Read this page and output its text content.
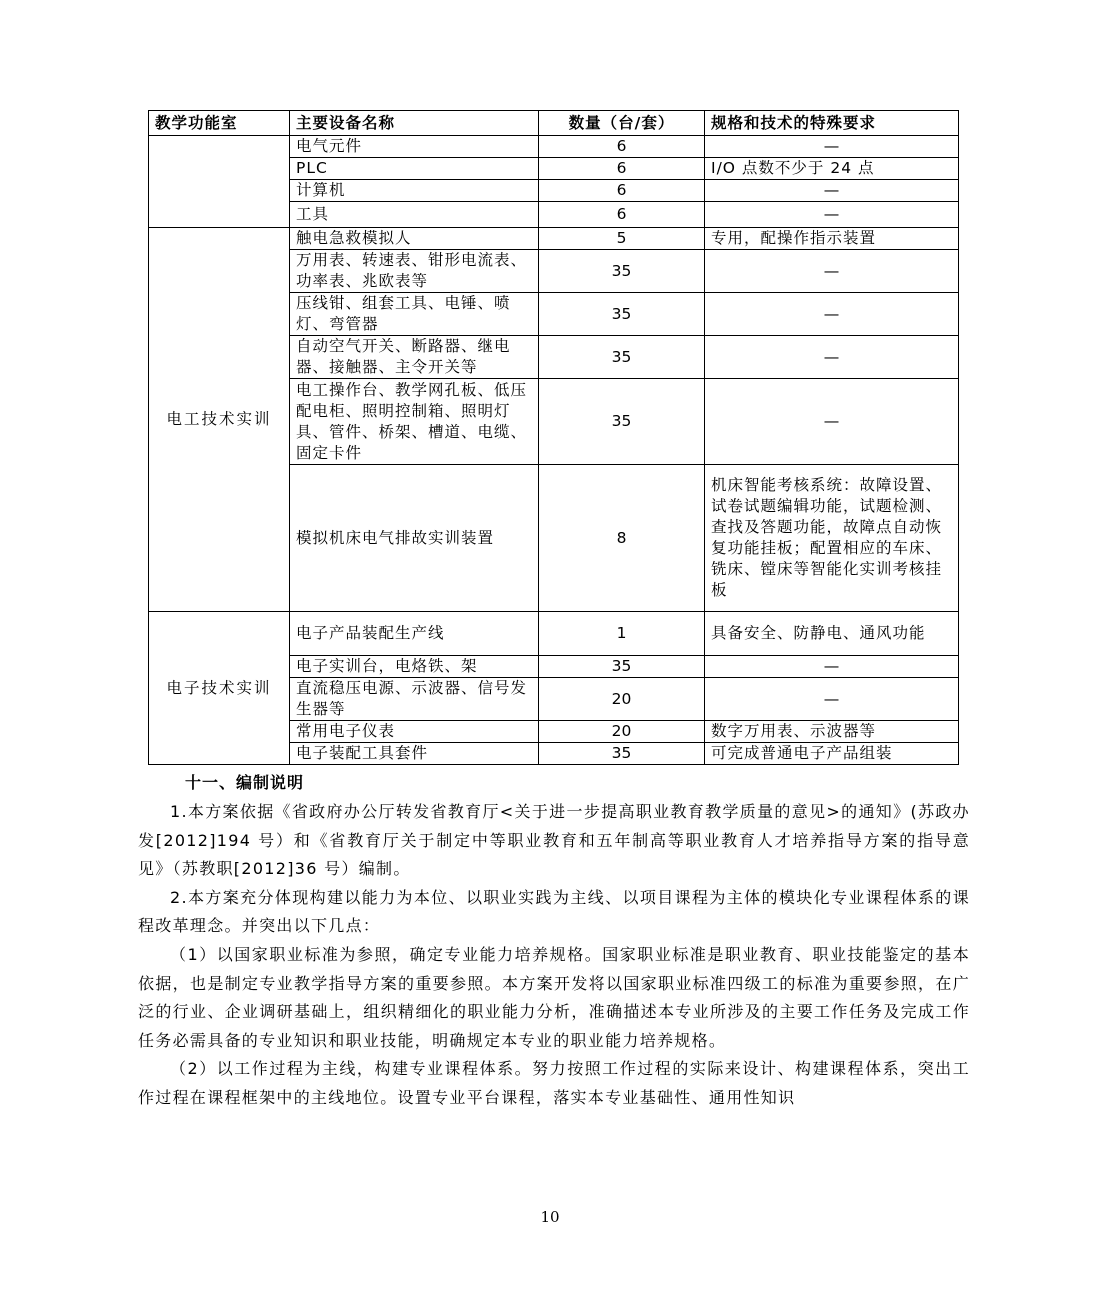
教学功能室	主要设备名称	数量（台/套）	规格和技术的特殊要求
	电气元件	6	—
	PLC	6	I/O 点数不少于 24 点
	计算机	6	—
	工具	6	—
电工技术实训	触电急救模拟人	5	专用，配操作指示装置
	万用表、转速表、钳形电流表、功率表、兆欧表等	35	—
	压线钳、组套工具、电锤、喷灯、弯管器	35	—
	自动空气开关、断路器、继电器、接触器、主令开关等	35	—
	电工操作台、教学网孔板、低压配电柜、照明控制箱、照明灯具、管件、桥架、槽道、电缆、固定卡件	35	—
	模拟机床电气排故实训装置	8	机床智能考核系统：故障设置、试卷试题编辑功能，试题检测、查找及答题功能，故障点自动恢复功能挂板；配置相应的车床、铣床、镗床等智能化实训考核挂板
电子技术实训	电子产品装配生产线	1	具备安全、防静电、通风功能
	电子实训台，电烙铁、架	35	—
	直流稳压电源、示波器、信号发生器等	20	—
	常用电子仪表	20	数字万用表、示波器等
	电子装配工具套件	35	可完成普通电子产品组装
十一、编制说明

1.本方案依据《省政府办公厅转发省教育厅<关于进一步提高职业教育教学质量的意见>的通知》(苏政办发[2012]194 号）和《省教育厅关于制定中等职业教育和五年制高等职业教育人才培养指导方案的指导意见》（苏教职[2012]36 号）编制。

2.本方案充分体现构建以能力为本位、以职业实践为主线、以项目课程为主体的模块化专业课程体系的课程改革理念。并突出以下几点：

（1）以国家职业标准为参照，确定专业能力培养规格。国家职业标准是职业教育、职业技能鉴定的基本依据，也是制定专业教学指导方案的重要参照。本方案开发将以国家职业标准四级工的标准为重要参照，在广泛的行业、企业调研基础上，组织精细化的职业能力分析，准确描述本专业所涉及的主要工作任务及完成工作任务必需具备的专业知识和职业技能，明确规定本专业的职业能力培养规格。

（2）以工作过程为主线，构建专业课程体系。努力按照工作过程的实际来设计、构建课程体系，突出工作过程在课程框架中的主线地位。设置专业平台课程，落实本专业基础性、通用性知识

10
